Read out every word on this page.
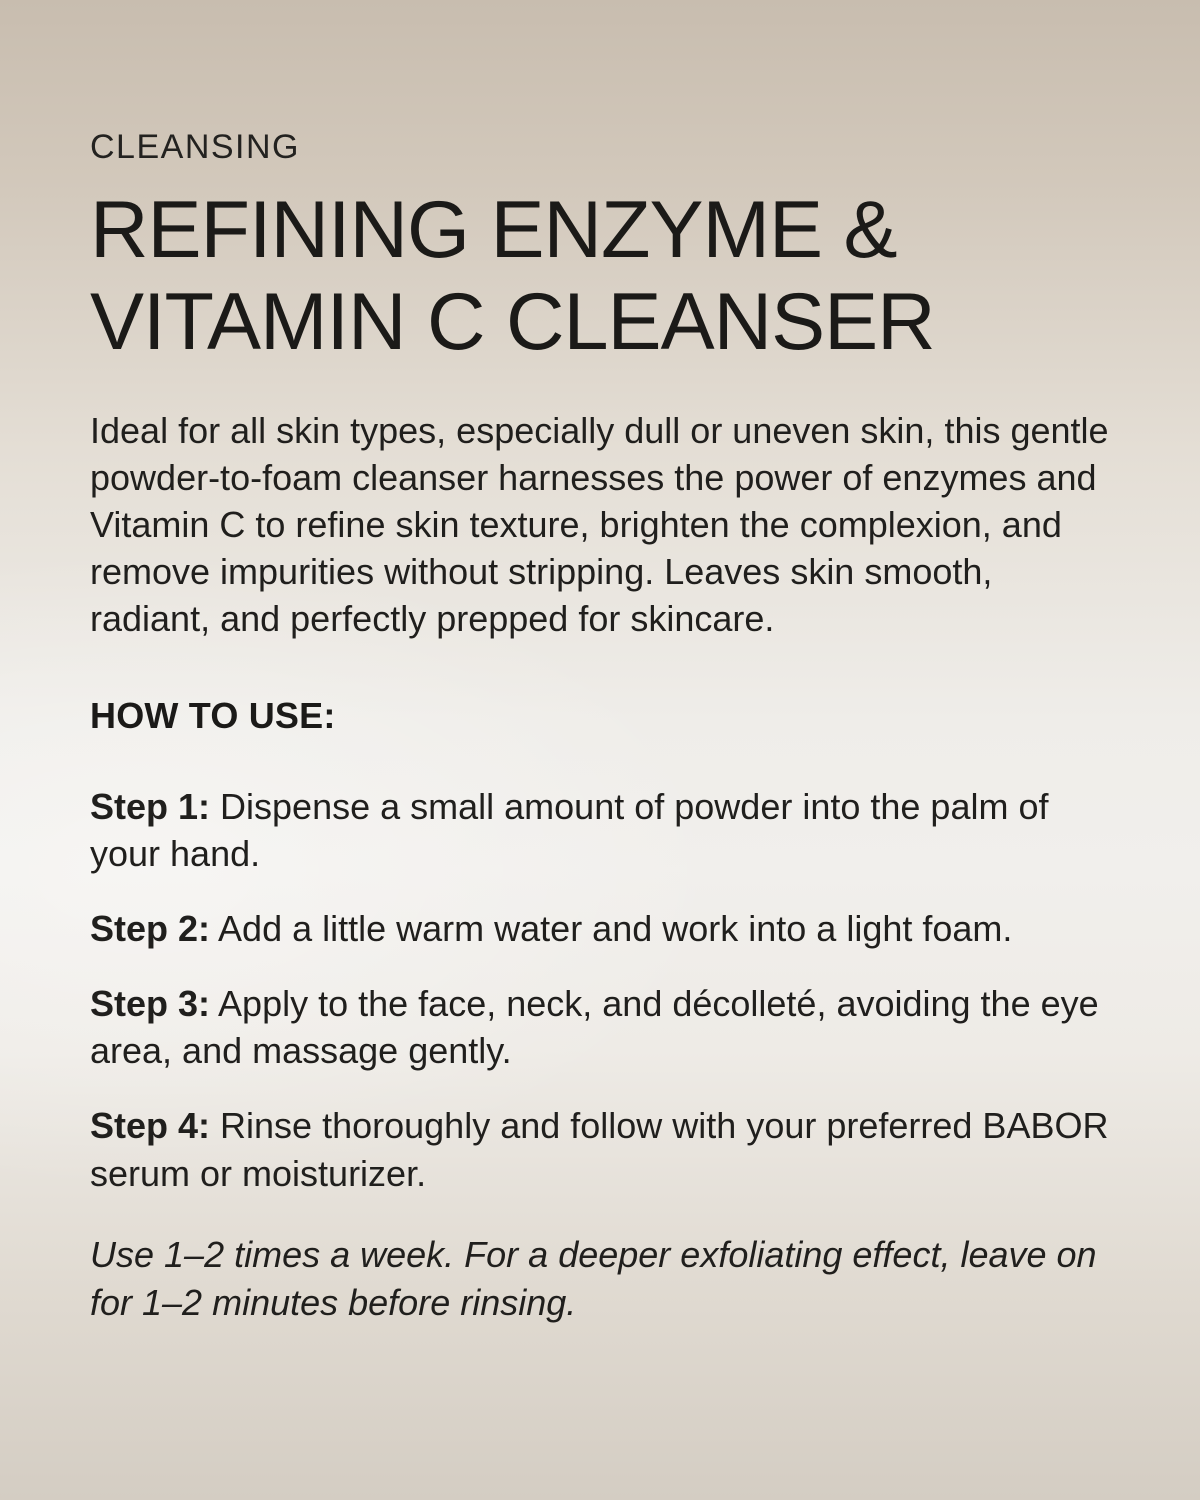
CLEANSING
REFINING ENZYME &
VITAMIN C CLEANSER

Ideal for all skin types, especially dull or uneven skin, this gentle powder-to-foam cleanser harnesses the power of enzymes and Vitamin C to refine skin texture, brighten the complexion, and remove impurities without stripping. Leaves skin smooth, radiant, and perfectly prepped for skincare.

HOW TO USE:

Step 1: Dispense a small amount of powder into the palm of your hand.

Step 2: Add a little warm water and work into a light foam.

Step 3: Apply to the face, neck, and décolleté, avoiding the eye area, and massage gently.

Step 4: Rinse thoroughly and follow with your preferred BABOR serum or moisturizer.

Use 1–2 times a week. For a deeper exfoliating effect, leave on for 1–2 minutes before rinsing.
